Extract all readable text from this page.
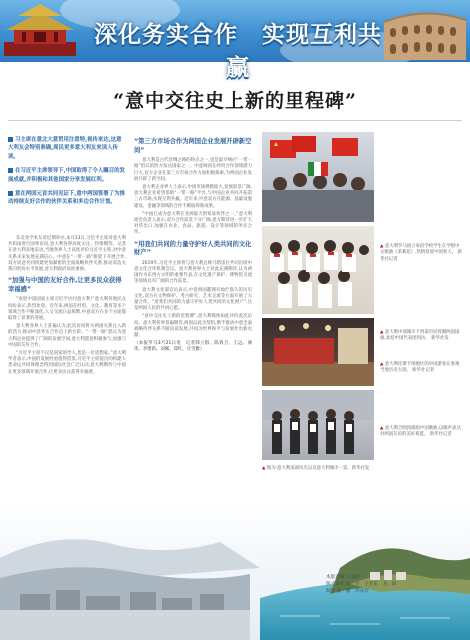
深化务实合作　实现互利共赢
“意中交往史上新的里程碑”
习主席在意北大意贸用注意特,视传来达,这意大利友会特别准确,周民更多意大利友来读入传读。
在习近平主席领导下,中国取得了令人瞩目的发展成就,并积极和其他国家分享发展红利。
意在两国元首共同见证下,意中两国签署了为推动持续友好合作的伙伴关系和多边合作计划。
东北亚学术友谊近期举办,本月23日,习近平主席对意大利共和国进行国事访问,意大利各界高度关注、热情期待。记者在意大利多地采访,当地各界人士高度评价习近平主席,对中意关系未来发展充满信心。中意在“一带一路”框架下开展合作,双方同意共同构建更加紧密的全面战略伙伴关系,推动双边关系向更高水平发展,意大利政府高度重视。
“加强与中国的友好合作,让更多民众获得幸福感”
“欢迎中国国家主席习近平访问意大利!”意大利各地民众纷纷表示,热烈欢迎。近年来,两国在经贸、文化、教育等多个领域合作不断深化,人文交流日益频繁,中意双方在多个方面都取得了显著的进展。
意大利各界人士普遍认为,此次访问将为两国关系注入新的活力,推动中意务实合作迈上新台阶。“一带一路”倡议为意大利企业提供了广阔的发展空间,意大利愿意积极参与,加强与中国的友好合作。
“习近平主席不仅是国家领导人,也是一位思想家。”意大利学者表示,中国的发展经验值得借鉴,习近平主席提出的构建人类命运共同体理念得到国际社会广泛认同,意大利期待与中国在更多领域开展合作,让更多民众获得幸福感。
“第三方市场合作为两国企业发展开辟新空间”
意大利是古代丝绸之路的终点之一,也是最早响应“一带一路”倡议的西方发达国家之一。中意两国在经贸合作领域潜力巨大,双方企业在第三方市场合作方面积极探索,为两国企业发展开辟了新空间。
意大利企业界人士表示,中国市场规模庞大,发展前景广阔,意大利企业希望借助“一带一路”平台,与中国企业共同开拓第三方市场,实现互利共赢。近年来,中意双方在能源、基础设施建设、金融等领域的合作不断取得新成果。
“中国已成为意大利在亚洲最大的贸易伙伴之一。”意大利商会负责人表示,双方合作前景十分广阔,意方期待进一步扩大对华出口,加强在农业、食品、旅游、设计等领域的务实合作。
“用我们共同的力量守护好人类共同的文化财产”
2019年,习近平主席将与意大利总统马塔雷拉共同出席中意文化合作机制会议。意大利各界人士对此充满期待,认为两国作为东西方文明的重要代表,在文化遗产保护、博物馆交流等领域具有广阔的合作前景。
意大利文化部官员表示,中意两国都拥有灿烂悠久的历史文化,双方在文物保护、考古研究、艺术交流等方面开展了大量合作。“用我们共同的力量守护好人类共同的文化财产”,这是两国人民的共同心愿。
“意中交往史上新的里程碑”,意大利媒体如此评价此次访问。意大利各界普遍期待,两国以此为契机,携手推动中意全面战略伙伴关系不断向前发展,共同为世界和平与发展作出新贡献。
（本报罗马3月21日电　记者韩立群、陈效卫、王远、颜伟、李增新、刘刚、郑红、庄雪雅）
▲ 意大利罗马国立寄宿学校学生在学唱中文歌曲《茉莉花》,热情欢迎中国客人。 新华社记者　
▲ 意大利中部城市卡西诺市民挥舞两国国旗,欢迎中国代表团到访。 新华社发
▲ 意大利托斯卡纳地区的中国游客在参观当地历史古迹。 新华社记者　
▲ 意大利合唱团演唱中国歌曲,以歌声表达对两国友谊的美好祝愿。 新华社记者　
▲ 图为:意大利南部风光以及意大利城市一景。新华社发
本版责编:王益源
版式设计:宋　宇　王亚东　龙　阳
制作:张　媛　周岗钦
